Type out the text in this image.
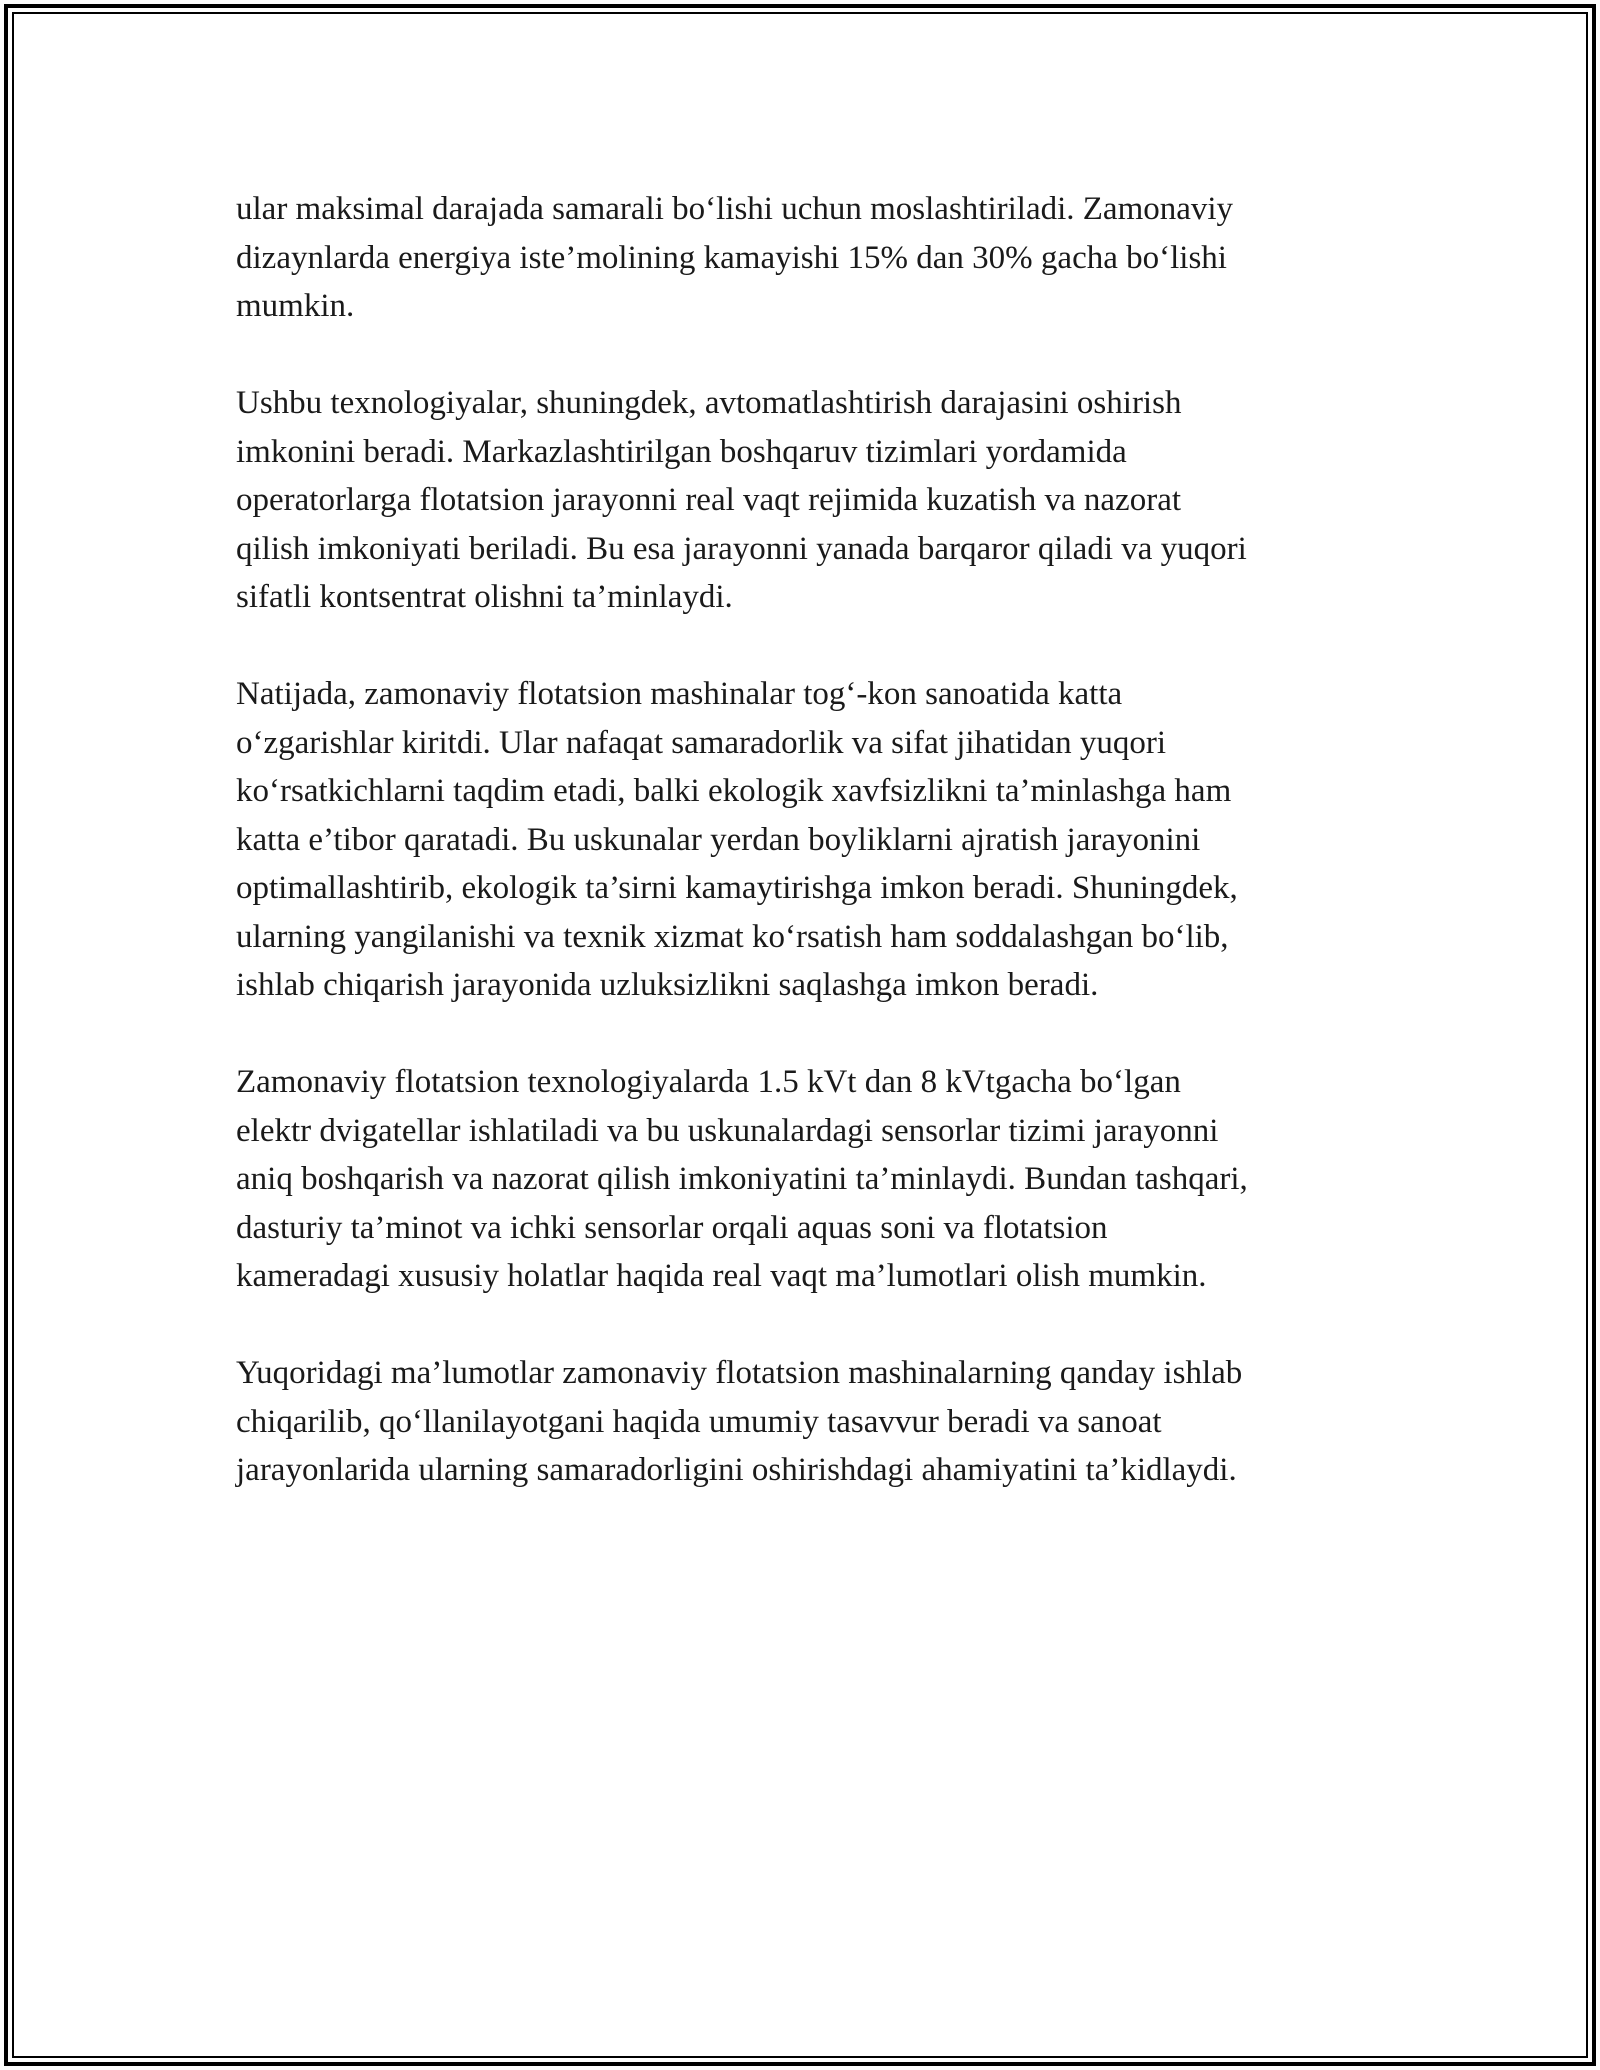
ular maksimal darajada samarali bo‘lishi uchun moslashtiriladi. Zamonaviy
dizaynlarda energiya iste’molining kamayishi 15% dan 30% gacha bo‘lishi
mumkin.

Ushbu texnologiyalar, shuningdek, avtomatlashtirish darajasini oshirish
imkonini beradi. Markazlashtirilgan boshqaruv tizimlari yordamida
operatorlarga flotatsion jarayonni real vaqt rejimida kuzatish va nazorat
qilish imkoniyati beriladi. Bu esa jarayonni yanada barqaror qiladi va yuqori
sifatli kontsentrat olishni ta’minlaydi.

Natijada, zamonaviy flotatsion mashinalar tog‘-kon sanoatida katta
o‘zgarishlar kiritdi. Ular nafaqat samaradorlik va sifat jihatidan yuqori
ko‘rsatkichlarni taqdim etadi, balki ekologik xavfsizlikni ta’minlashga ham
katta e’tibor qaratadi. Bu uskunalar yerdan boyliklarni ajratish jarayonini
optimallashtirib, ekologik ta’sirni kamaytirishga imkon beradi. Shuningdek,
ularning yangilanishi va texnik xizmat ko‘rsatish ham soddalashgan bo‘lib,
ishlab chiqarish jarayonida uzluksizlikni saqlashga imkon beradi.

Zamonaviy flotatsion texnologiyalarda 1.5 kVt dan 8 kVtgacha bo‘lgan
elektr dvigatellar ishlatiladi va bu uskunalardagi sensorlar tizimi jarayonni
aniq boshqarish va nazorat qilish imkoniyatini ta’minlaydi. Bundan tashqari,
dasturiy ta’minot va ichki sensorlar orqali aquas soni va flotatsion
kameradagi xususiy holatlar haqida real vaqt ma’lumotlari olish mumkin.

Yuqoridagi ma’lumotlar zamonaviy flotatsion mashinalarning qanday ishlab
chiqarilib, qo‘llanilayotgani haqida umumiy tasavvur beradi va sanoat
jarayonlarida ularning samaradorligini oshirishdagi ahamiyatini ta’kidlaydi.
